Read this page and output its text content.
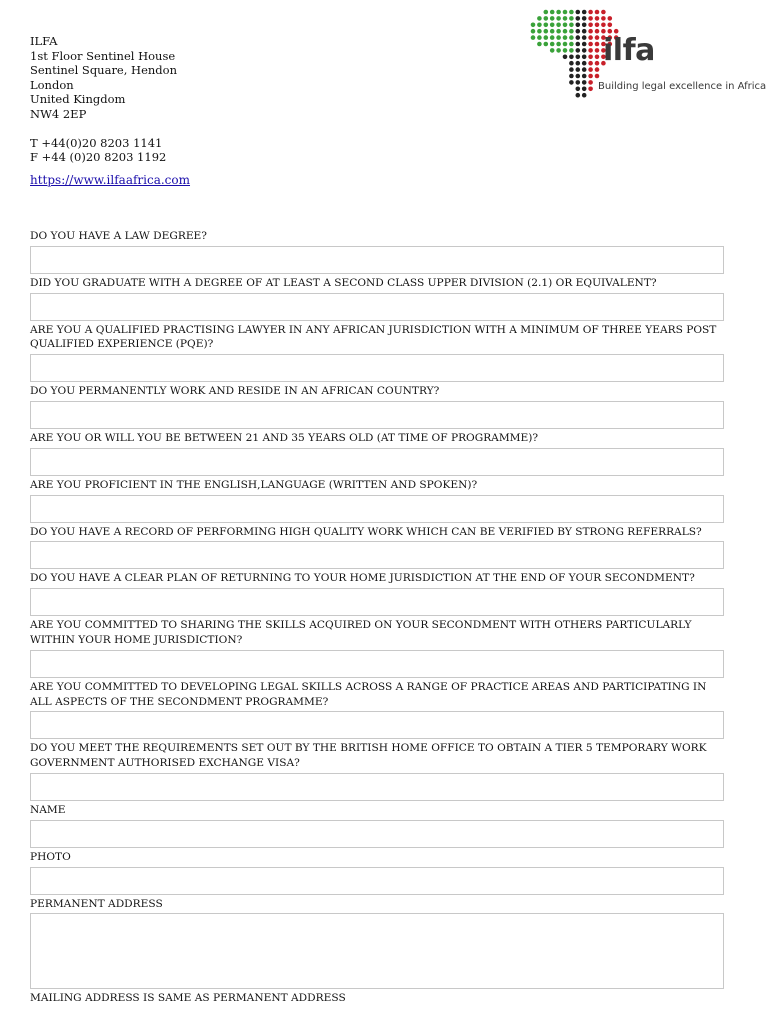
ILFA
1st Floor Sentinel House
Sentinel Square, Hendon
London
United Kingdom
NW4 2EP
T +44(0)20 8203 1141
F +44 (0)20 8203 1192
https://www.ilfaafrica.com
ilfa
Building legal excellence in Africa
DO YOU HAVE A LAW DEGREE?
DID YOU GRADUATE WITH A DEGREE OF AT LEAST A SECOND CLASS UPPER DIVISION (2.1) OR EQUIVALENT?
ARE YOU A QUALIFIED PRACTISING LAWYER IN ANY AFRICAN JURISDICTION WITH A MINIMUM OF THREE YEARS POST QUALIFIED EXPERIENCE (PQE)?
DO YOU PERMANENTLY WORK AND RESIDE IN AN AFRICAN COUNTRY?
ARE YOU OR WILL YOU BE BETWEEN 21 AND 35 YEARS OLD (AT TIME OF PROGRAMME)?
ARE YOU PROFICIENT IN THE ENGLISH,LANGUAGE (WRITTEN AND SPOKEN)?
DO YOU HAVE A RECORD OF PERFORMING HIGH QUALITY WORK WHICH CAN BE VERIFIED BY STRONG REFERRALS?
DO YOU HAVE A CLEAR PLAN OF RETURNING TO YOUR HOME JURISDICTION AT THE END OF YOUR SECONDMENT?
ARE YOU COMMITTED TO SHARING THE SKILLS ACQUIRED ON YOUR SECONDMENT WITH OTHERS PARTICULARLY WITHIN YOUR HOME JURISDICTION?
ARE YOU COMMITTED TO DEVELOPING LEGAL SKILLS ACROSS A RANGE OF PRACTICE AREAS AND PARTICIPATING IN ALL ASPECTS OF THE SECONDMENT PROGRAMME?
DO YOU MEET THE REQUIREMENTS SET OUT BY THE BRITISH HOME OFFICE TO OBTAIN A TIER 5 TEMPORARY WORK GOVERNMENT AUTHORISED EXCHANGE VISA?
NAME
PHOTO
PERMANENT ADDRESS
MAILING ADDRESS IS SAME AS PERMANENT ADDRESS
